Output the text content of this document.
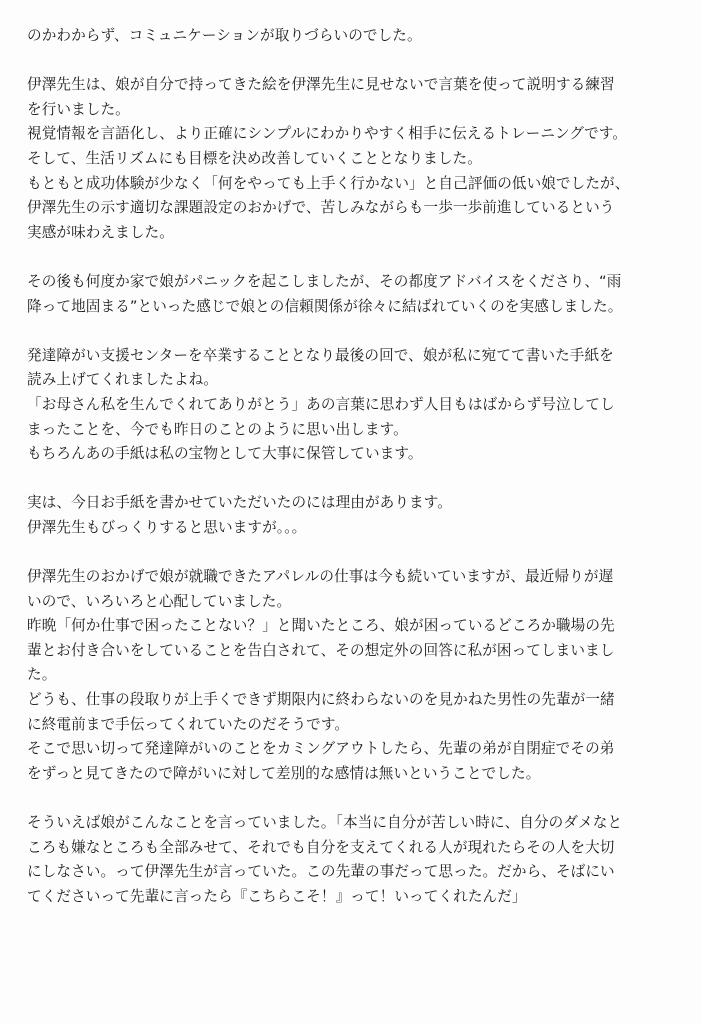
のかわからず、コミュニケーションが取りづらいのでした。
伊澤先生は、娘が自分で持ってきた絵を伊澤先生に見せないで言葉を使って説明する練習
を行いました。
視覚情報を言語化し、より正確にシンプルにわかりやすく相手に伝えるトレーニングです。
そして、生活リズムにも目標を決め改善していくこととなりました。
もともと成功体験が少なく「何をやっても上手く行かない」と自己評価の低い娘でしたが、
伊澤先生の示す適切な課題設定のおかげで、苦しみながらも一歩一歩前進しているという
実感が味わえました。
その後も何度か家で娘がパニックを起こしましたが、その都度アドバイスをくださり、“雨
降って地固まる”といった感じで娘との信頼関係が徐々に結ばれていくのを実感しました。
発達障がい支援センターを卒業することとなり最後の回で、娘が私に宛てて書いた手紙を
読み上げてくれましたよね。
「お母さん私を生んでくれてありがとう」あの言葉に思わず人目もはばからず号泣してし
まったことを、今でも昨日のことのように思い出します。
もちろんあの手紙は私の宝物として大事に保管しています。
実は、今日お手紙を書かせていただいたのには理由があります。
伊澤先生もびっくりすると思いますが。。。
伊澤先生のおかげで娘が就職できたアパレルの仕事は今も続いていますが、最近帰りが遅
いので、いろいろと心配していました。
昨晩「何か仕事で困ったことない？」と聞いたところ、娘が困っているどころか職場の先
輩とお付き合いをしていることを告白されて、その想定外の回答に私が困ってしまいまし
た。
どうも、仕事の段取りが上手くできず期限内に終わらないのを見かねた男性の先輩が一緒
に終電前まで手伝ってくれていたのだそうです。
そこで思い切って発達障がいのことをカミングアウトしたら、先輩の弟が自閉症でその弟
をずっと見てきたので障がいに対して差別的な感情は無いということでした。
そういえば娘がこんなことを言っていました。「本当に自分が苦しい時に、自分のダメなと
ころも嫌なところも全部みせて、それでも自分を支えてくれる人が現れたらその人を大切
にしなさい。って伊澤先生が言っていた。この先輩の事だって思った。だから、そばにい
てくださいって先輩に言ったら『こちらこそ！』って！いってくれたんだ」
